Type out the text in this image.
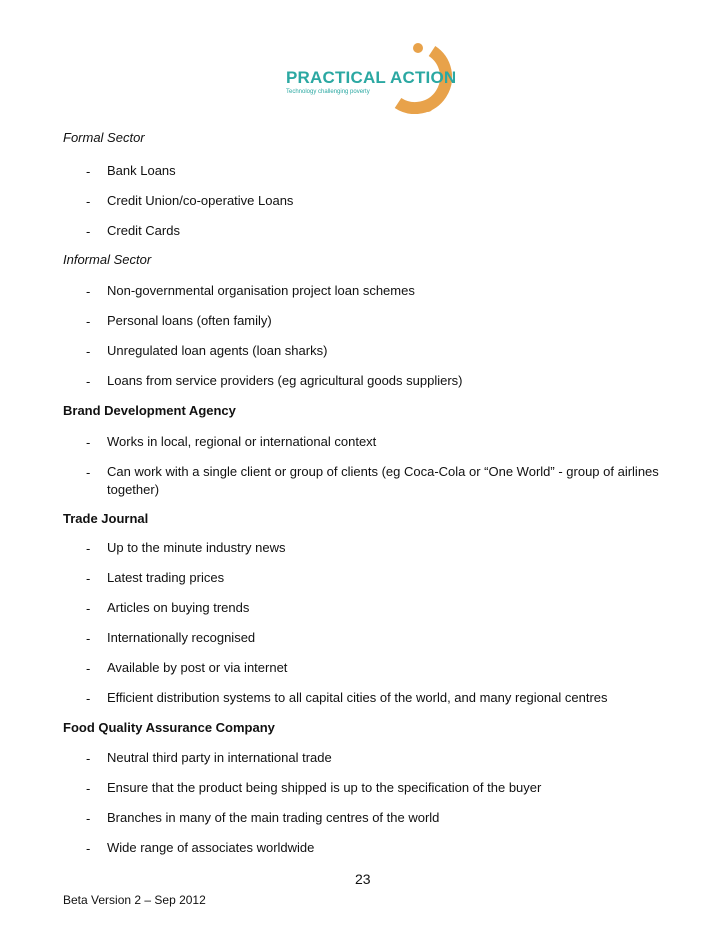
PRACTICAL ACTION
Technology challenging poverty
Formal Sector
- Bank Loans
- Credit Union/co-operative Loans
- Credit Cards
Informal Sector
- Non-governmental organisation project loan schemes
- Personal loans (often family)
- Unregulated loan agents (loan sharks)
- Loans from service providers (eg agricultural goods suppliers)
Brand Development Agency
- Works in local, regional or international context
- Can work with a single client or group of clients (eg Coca-Cola or “One World” - group of airlines together)
Trade Journal
- Up to the minute industry news
- Latest trading prices
- Articles on buying trends
- Internationally recognised
- Available by post or via internet
- Efficient distribution systems to all capital cities of the world, and many regional centres
Food Quality Assurance Company
- Neutral third party in international trade
- Ensure that the product being shipped is up to the specification of the buyer
- Branches in many of the main trading centres of the world
- Wide range of associates worldwide
23
Beta Version 2 – Sep 2012
